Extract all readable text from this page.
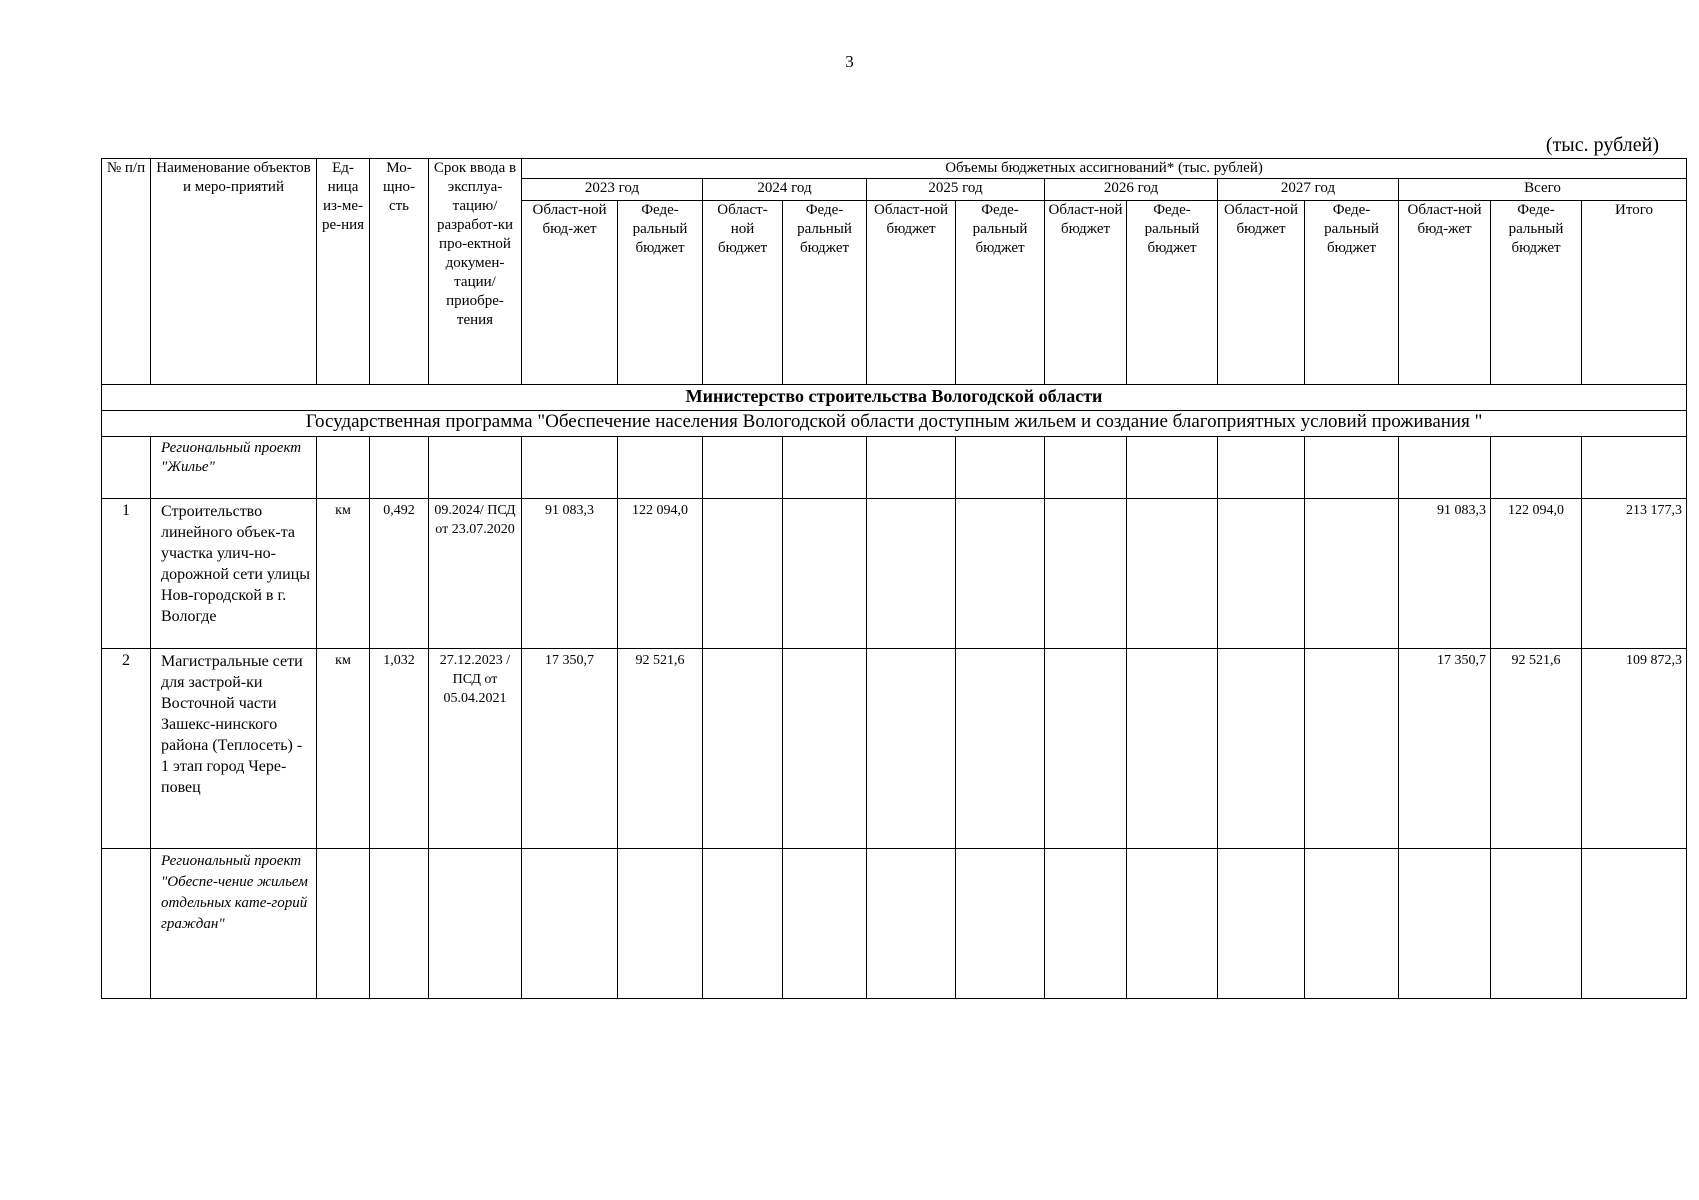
3
(тыс. рублей)
№ п/п	Наименование объектов и меро-приятий	Ед-ница из-ме-ре-ния	Мо-щно-сть	Срок ввода в эксплуа-тацию/ разработ-ки про-ектной докумен-тации/ приобре-тения	Объемы бюджетных ассигнований* (тыс. рублей)												
					2023 год		2024 год		2025 год		2026 год		2027 год		Всего		
					Област-ной бюд-жет	Феде-ральный бюджет	Област-ной бюджет	Феде-ральный бюджет	Област-ной бюджет	Феде-ральный бюджет	Област-ной бюджет	Феде-ральный бюджет	Област-ной бюджет	Феде-ральный бюджет	Област-ной бюд-жет	Феде-ральный бюджет	Итого
Министерство строительства Вологодской области																	
Государственная программа "Обеспечение населения Вологодской области доступным жильем и создание благоприятных условий проживания "																	
	Региональный проект "Жилье"																
1	Строительство линейного объек-та участка улич-но-дорожной сети улицы Нов-городской в г. Вологде	км	0,492	09.2024/ ПСД от 23.07.2020	91 083,3	122 094,0									91 083,3	122 094,0	213 177,3
2	Магистральные сети для застрой-ки Восточной части Зашекс-нинского района (Теплосеть) - 1 этап город Чере-повец	км	1,032	27.12.2023 /ПСД от 05.04.2021	17 350,7	92 521,6									17 350,7	92 521,6	109 872,3
	Региональный проект "Обеспе-чение жильем отдельных кате-горий граждан"																
